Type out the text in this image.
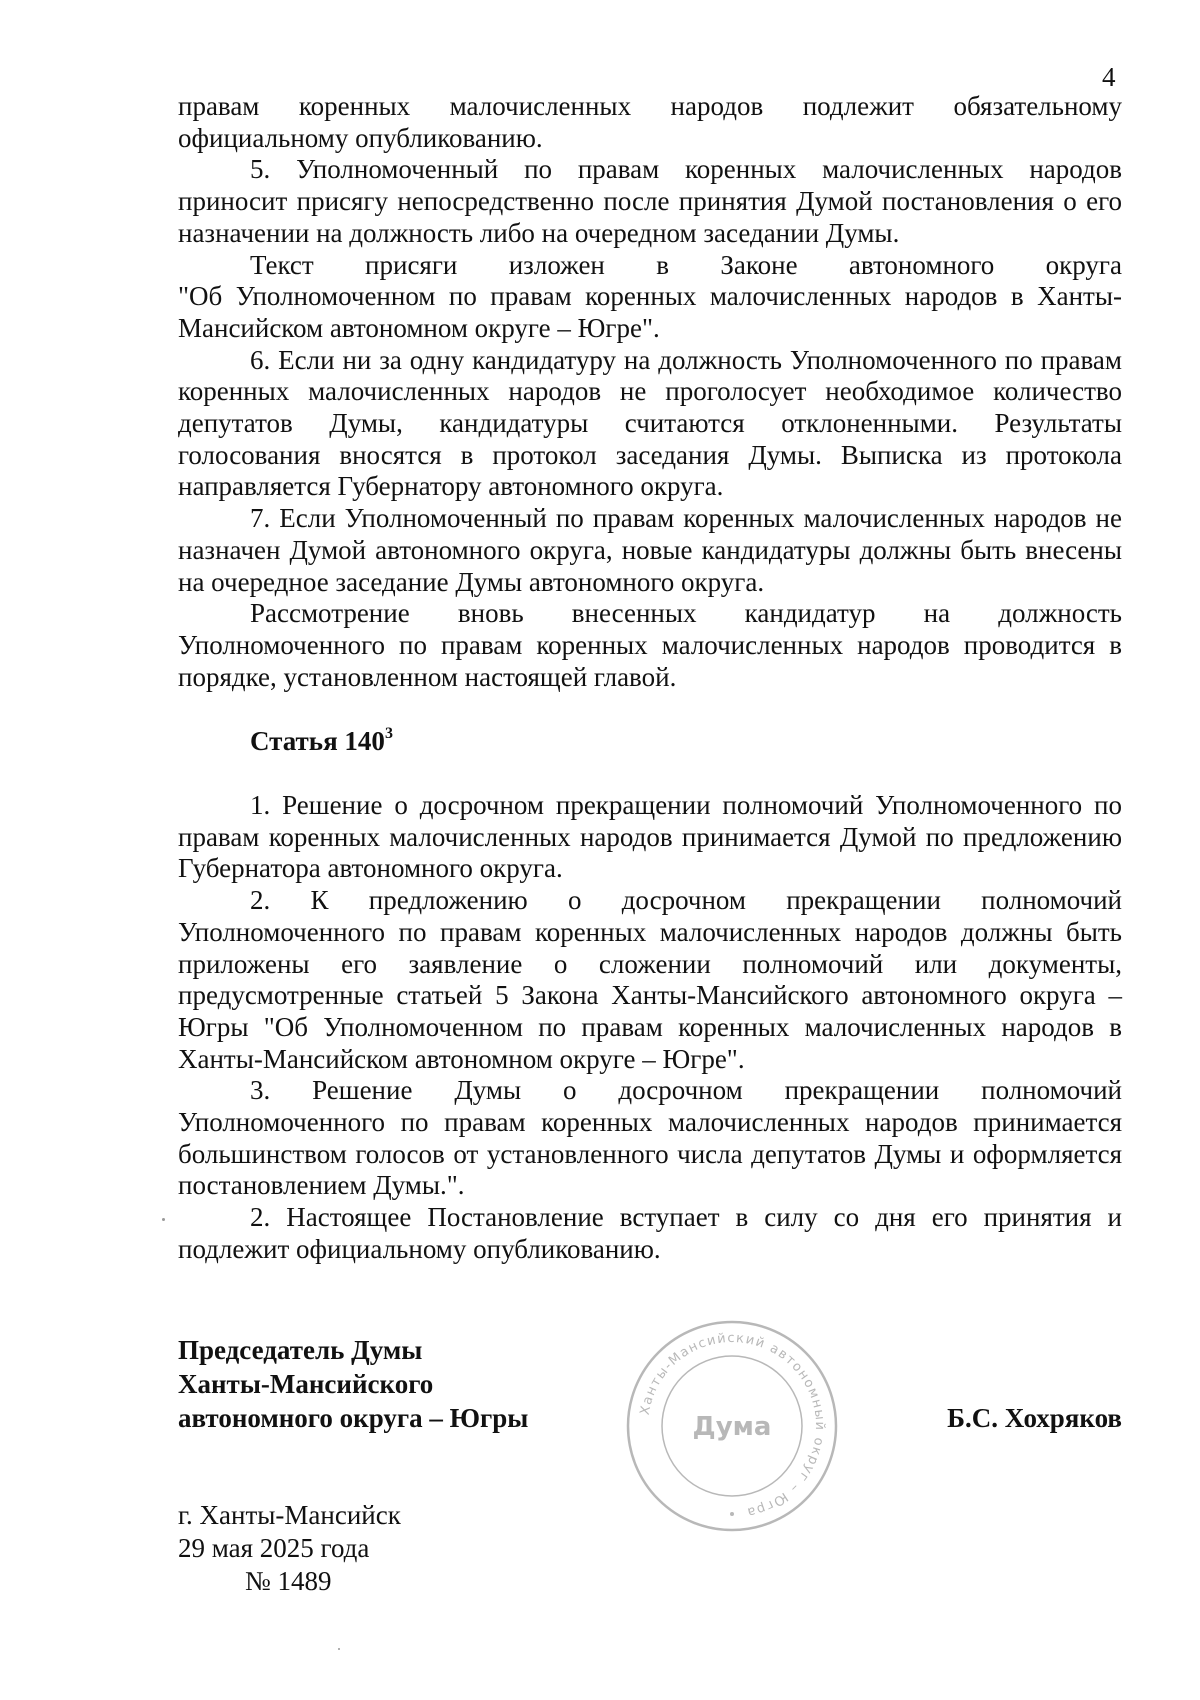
4

правам коренных малочисленных народов подлежит обязательному официальному опубликованию.

5. Уполномоченный по правам коренных малочисленных народов приносит присягу непосредственно после принятия Думой постановления о его назначении на должность либо на очередном заседании Думы.

Текст присяги изложен в Законе автономного округа

"Об Уполномоченном по правам коренных малочисленных народов в Ханты-Мансийском автономном округе – Югре".

6. Если ни за одну кандидатуру на должность Уполномоченного по правам коренных малочисленных народов не проголосует необходимое количество депутатов Думы, кандидатуры считаются отклоненными. Результаты голосования вносятся в протокол заседания Думы. Выписка из протокола направляется Губернатору автономного округа.

7. Если Уполномоченный по правам коренных малочисленных народов не назначен Думой автономного округа, новые кандидатуры должны быть внесены на очередное заседание Думы автономного округа.

Рассмотрение вновь внесенных кандидатур на должность Уполномоченного по правам коренных малочисленных народов проводится в порядке, установленном настоящей главой.

Статья $140^3$

1. Решение о досрочном прекращении полномочий Уполномоченного по правам коренных малочисленных народов принимается Думой по предложению Губернатора автономного округа.

2. К предложению о досрочном прекращении полномочий Уполномоченного по правам коренных малочисленных народов должны быть приложены его заявление о сложении полномочий или документы, предусмотренные статьей 5 Закона Ханты-Мансийского автономного округа – Югры "Об Уполномоченном по правам коренных малочисленных народов в Ханты-Мансийском автономном округе – Югре".

3. Решение Думы о досрочном прекращении полномочий Уполномоченного по правам коренных малочисленных народов принимается большинством голосов от установленного числа депутатов Думы и оформляется постановлением Думы.".

2. Настоящее Постановление вступает в силу со дня его принятия и подлежит официальному опубликованию.

Председатель Думы
Ханты-Мансийского
автономного округа – Югры	Б.С. Хохряков
Ханты-Мансийский автономный округ – Югра
Дума
г. Ханты-Мансийск
29 мая 2025 года
№ 1489
